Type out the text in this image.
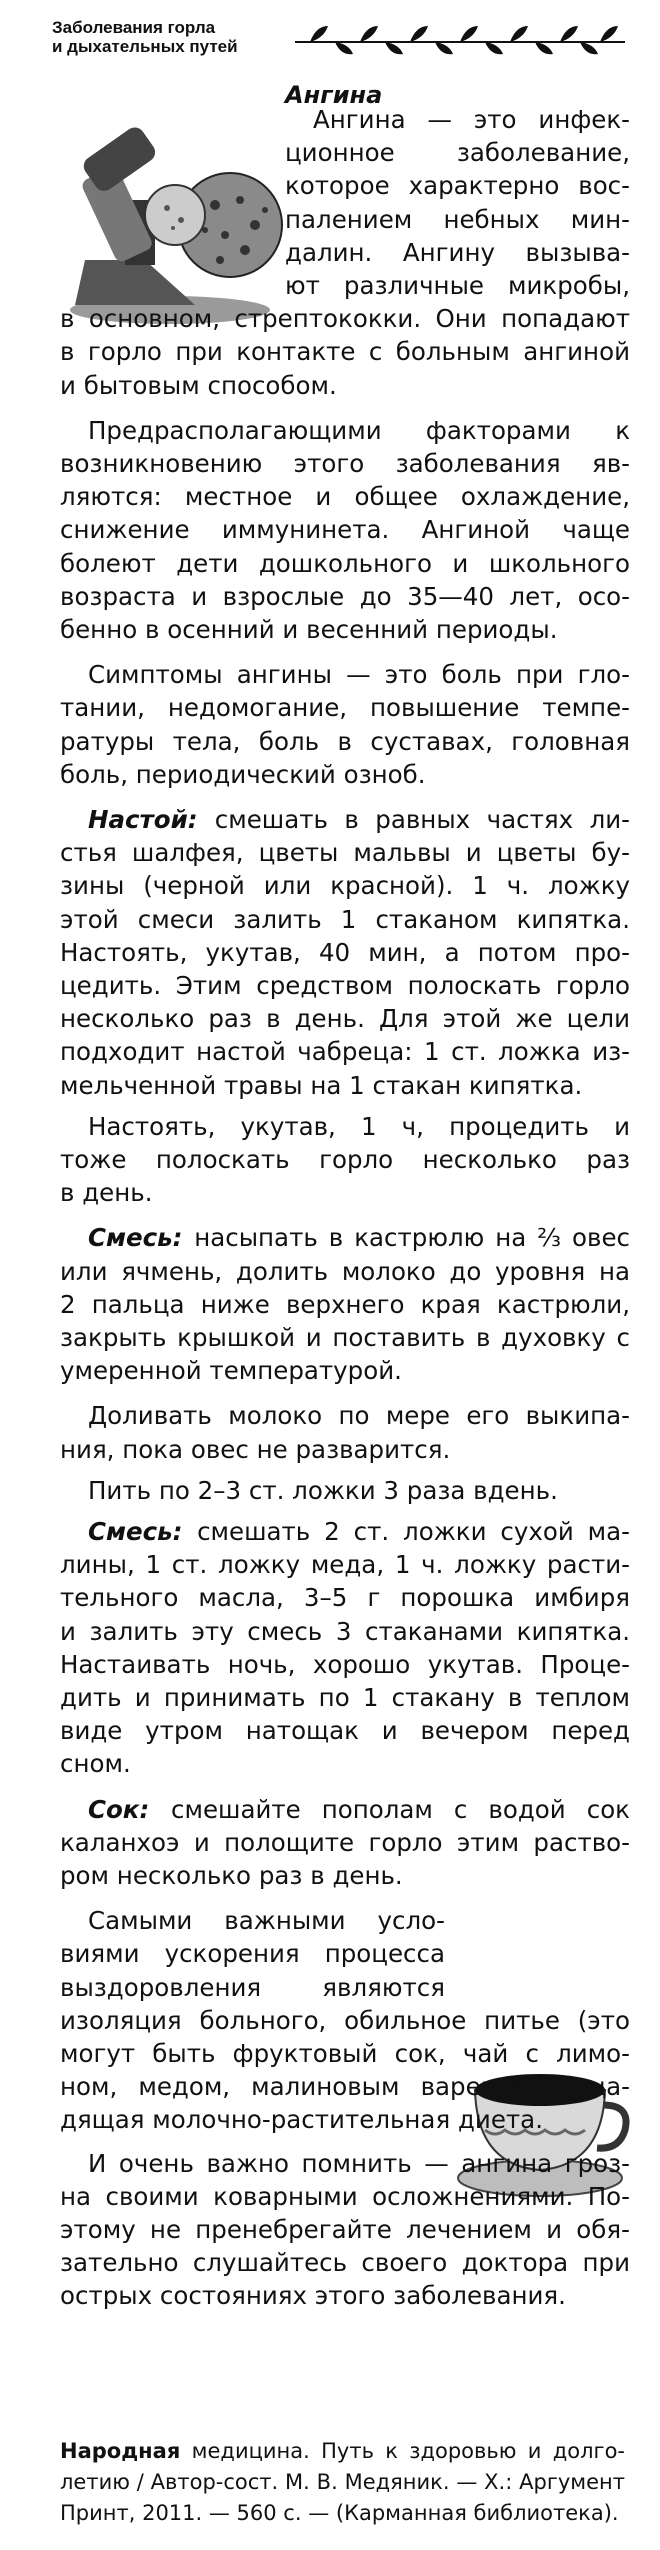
Заболевания горла
и дыхательных путей
Ангина
Ангина — это инфек-
ционное заболевание,
которое характерно вос-
палением небных мин-
далин. Ангину вызыва-
ют различные микробы,
в основном, стрептококки. Они попадают
в горло при контакте с больным ангиной
и бытовым способом.
Предрасполагающими факторами к
возникновению этого заболевания яв-
ляются: местное и общее охлаждение,
снижение иммунинета. Ангиной чаще
болеют дети дошкольного и школьного
возраста и взрослые до 35—40 лет, осо-
бенно в осенний и весенний периоды.
Симптомы ангины — это боль при гло-
тании, недомогание, повышение темпе-
ратуры тела, боль в суставах, головная
боль, периодический озноб.
Настой: смешать в равных частях ли-
стья шалфея, цветы мальвы и цветы бу-
зины (черной или красной). 1 ч. ложку
этой смеси залить 1 стаканом кипятка.
Настоять, укутав, 40 мин, а потом про-
цедить. Этим средством полоскать горло
несколько раз в день. Для этой же цели
подходит настой чабреца: 1 ст. ложка из-
мельченной травы на 1 стакан кипятка.
Настоять, укутав, 1 ч, процедить и
тоже полоскать горло несколько раз
в день.
Смесь: насыпать в кастрюлю на ⅔ овес
или ячмень, долить молоко до уровня на
2 пальца ниже верхнего края кастрюли,
закрыть крышкой и поставить в духовку с
умеренной температурой.
Доливать молоко по мере его выкипа-
ния, пока овес не разварится.
Пить по 2–3 ст. ложки 3 раза вдень.
Смесь: смешать 2 ст. ложки сухой ма-
лины, 1 ст. ложку меда, 1 ч. ложку расти-
тельного масла, 3–5 г порошка имбиря
и залить эту смесь 3 стаканами кипятка.
Настаивать ночь, хорошо укутав. Проце-
дить и принимать по 1 стакану в теплом
виде утром натощак и вечером перед
сном.
Сок: смешайте пополам с водой сок
каланхоэ и полощите горло этим раство-
ром несколько раз в день.
Самыми важными усло-
виями ускорения процесса
выздоровления являются
изоляция больного, обильное питье (это
могут быть фруктовый сок, чай с лимо-
ном, медом, малиновым вареньем), щa-
дящая молочно-растительная диета.
И очень важно помнить — ангина гроз-
на своими коварными осложнениями. По-
этому не пренебрегайте лечением и обя-
зательно слушайтесь своего доктора при
острых состояниях этого заболевания.
Народная медицина. Путь к здоровью и долго-
летию / Автор-сост. М. В. Медяник. — Х.: Аргумент
Принт, 2011. — 560 с. — (Карманная библиотека).
